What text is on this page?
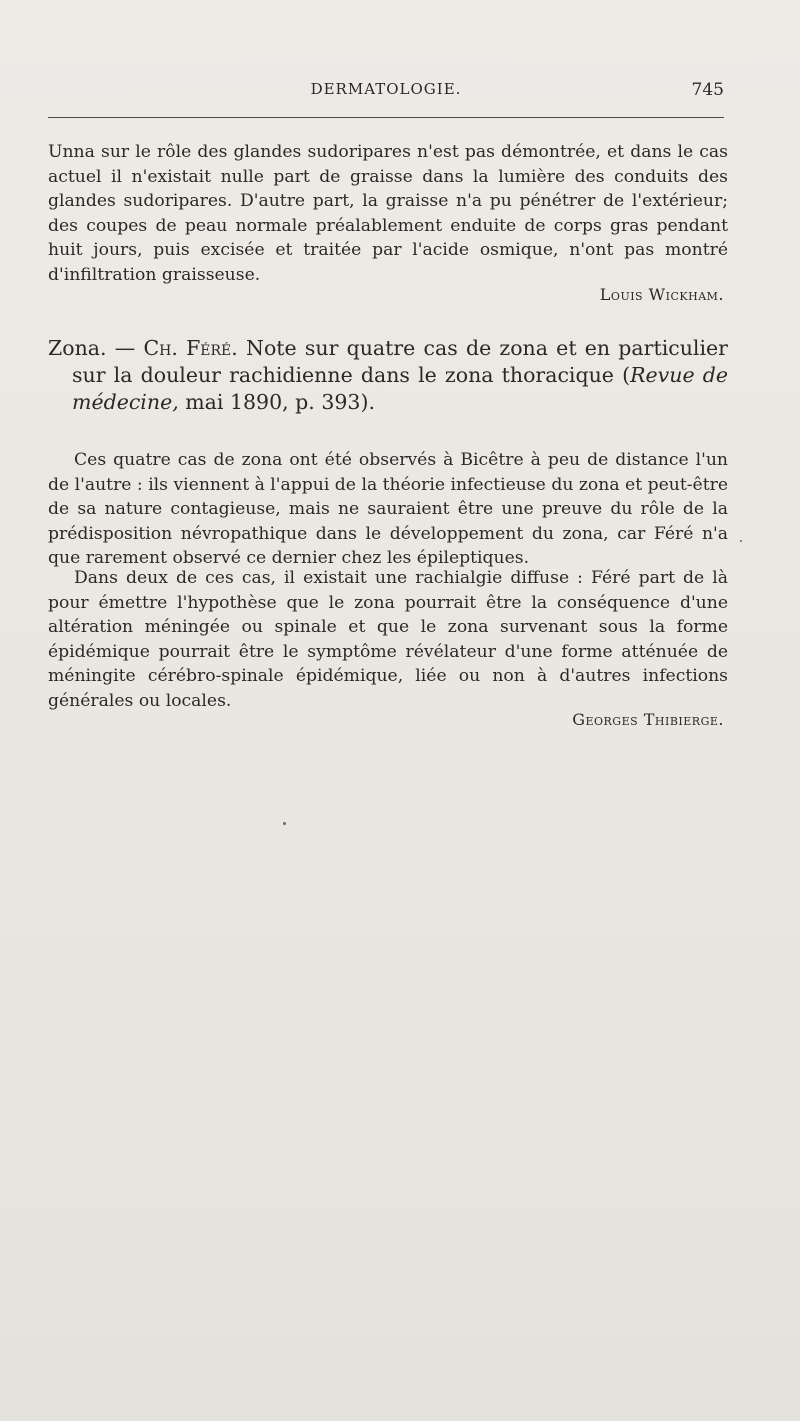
DERMATOLOGIE.	745

Unna sur le rôle des glandes sudoripares n'est pas démontrée, et dans le cas actuel il n'existait nulle part de graisse dans la lumière des conduits des glandes sudoripares. D'autre part, la graisse n'a pu pénétrer de l'extérieur; des coupes de peau normale préalablement enduite de corps gras pendant huit jours, puis excisée et traitée par l'acide osmique, n'ont pas montré d'infiltration graisseuse.

Louis Wickham.
Zona. — Ch. Féré. Note sur quatre cas de zona et en particulier sur la douleur rachidienne dans le zona thoracique (Revue de médecine, mai 1890, p. 393).

Ces quatre cas de zona ont été observés à Bicêtre à peu de distance l'un de l'autre : ils viennent à l'appui de la théorie infectieuse du zona et peut-être de sa nature contagieuse, mais ne sauraient être une preuve du rôle de la prédisposition névropathique dans le développement du zona, car Féré n'a que rarement observé ce dernier chez les épileptiques.

Dans deux de ces cas, il existait une rachialgie diffuse : Féré part de là pour émettre l'hypothèse que le zona pourrait être la conséquence d'une altération méningée ou spinale et que le zona survenant sous la forme épidémique pourrait être le symptôme révélateur d'une forme atténuée de méningite cérébro-spinale épidémique, liée ou non à d'autres infections générales ou locales.

Georges Thibierge.
